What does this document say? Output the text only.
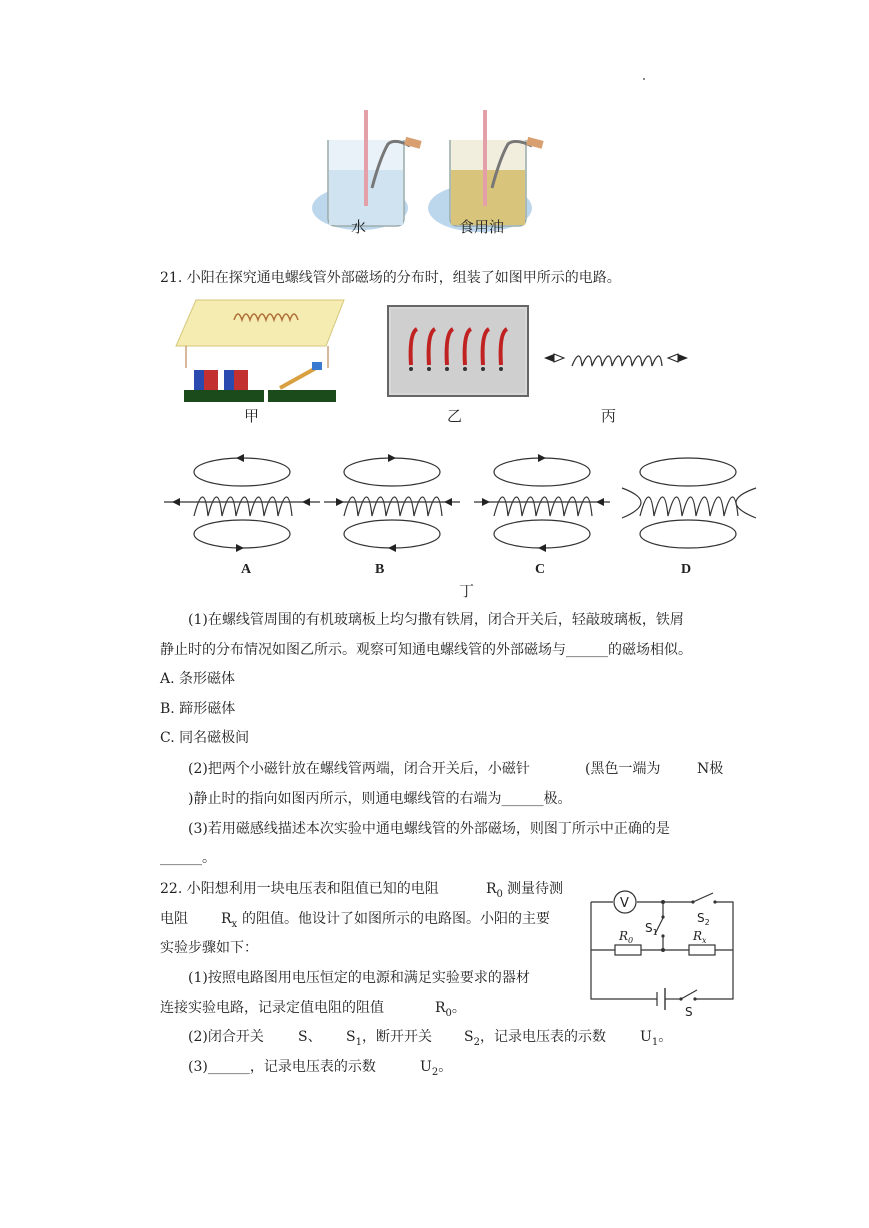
水	食用油
21. 小阳在探究通电螺线管外部磁场的分布时，组装了如图甲所示的电路。
甲	乙	丙
A	B	C	D
丁
(1)在螺线管周围的有机玻璃板上均匀撒有铁屑，闭合开关后，轻敲玻璃板，铁屑
静止时的分布情况如图乙所示。观察可知通电螺线管的外部磁场与______的磁场相似。
A. 条形磁体
B. 蹄形磁体
C. 同名磁极间
(2)把两个小磁针放在螺线管两端，闭合开关后，小磁针	(黑色一端为	N极
)静止时的指向如图丙所示，则通电螺线管的右端为______极。
(3)若用磁感线描述本次实验中通电螺线管的外部磁场，则图丁所示中正确的是
______。
22. 小阳想利用一块电压表和阻值已知的电阻	$R_0$ 测量待测
电阻 $R_x$ 的阻值。他设计了如图所示的电路图。小阳的主要
实验步骤如下：
(1)按照电路图用电压恒定的电源和满足实验要求的器材
连接实验电路，记录定值电阻的阻值	$R_0$。
(2)闭合开关 S、 $S_1$ ，断开开关 $S_2$ ，记录电压表的示数 $U_1$。
(3)______，记录电压表的示数	$U_2$。
V
$S_2$
$S_1$
$R_0$	$R_x$
S
